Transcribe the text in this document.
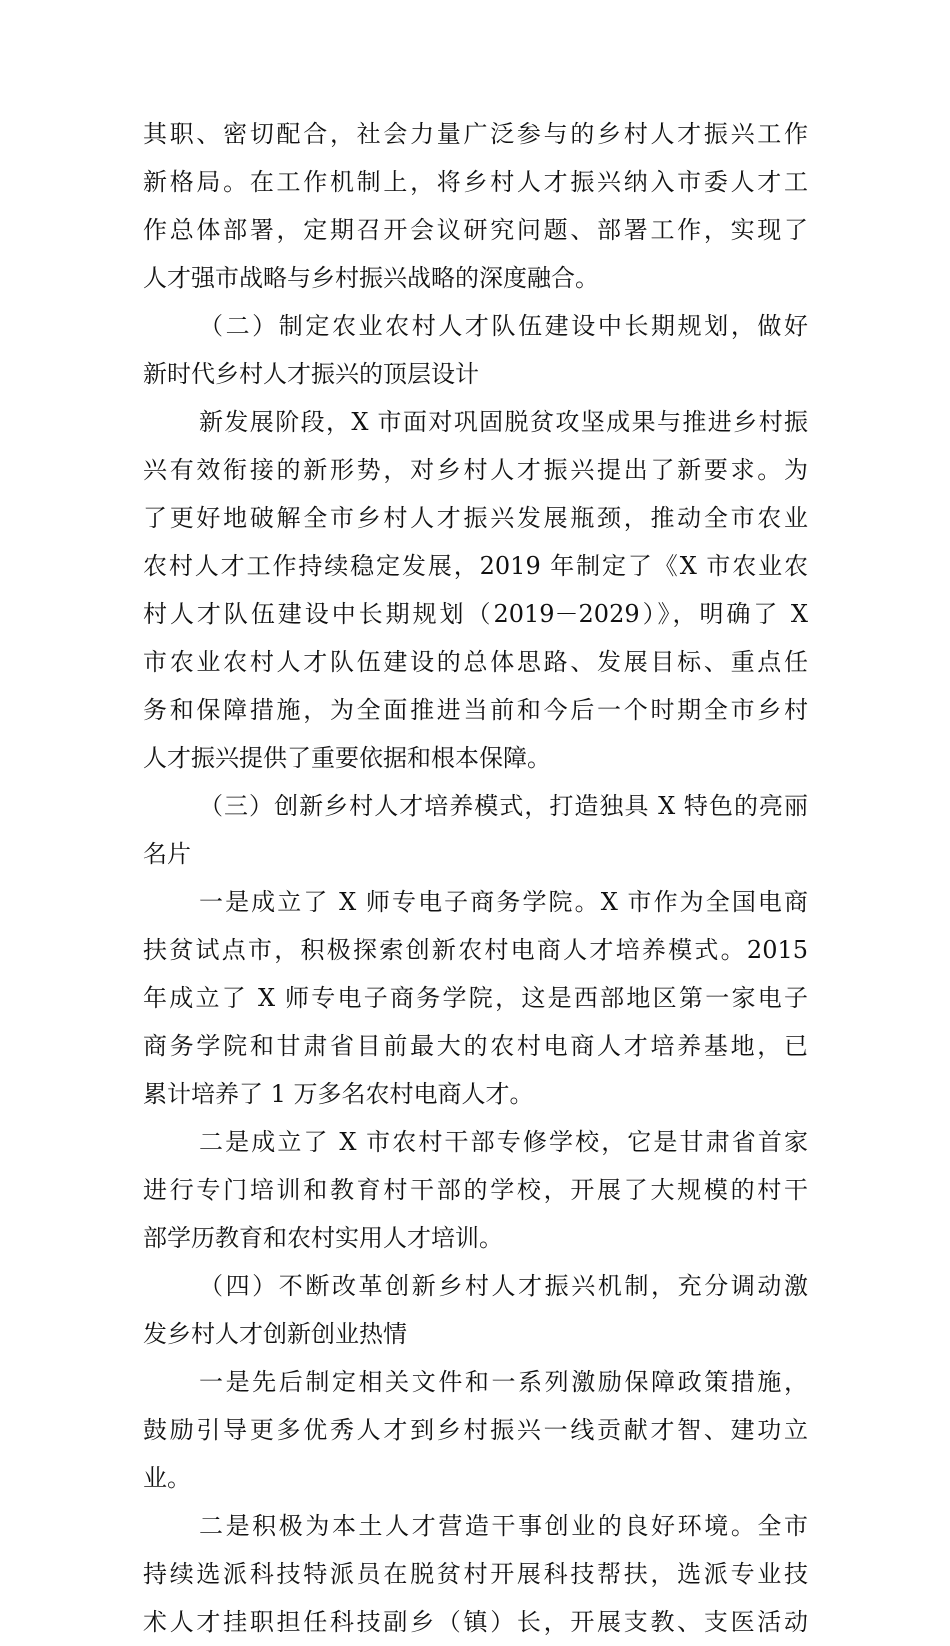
其职、密切配合，社会力量广泛参与的乡村人才振兴工作
新格局。在工作机制上，将乡村人才振兴纳入市委人才工
作总体部署，定期召开会议研究问题、部署工作，实现了
人才强市战略与乡村振兴战略的深度融合。
（二）制定农业农村人才队伍建设中长期规划，做好
新时代乡村人才振兴的顶层设计
新发展阶段，X 市面对巩固脱贫攻坚成果与推进乡村振
兴有效衔接的新形势，对乡村人才振兴提出了新要求。为
了更好地破解全市乡村人才振兴发展瓶颈，推动全市农业
农村人才工作持续稳定发展，2019 年制定了《X 市农业农
村人才队伍建设中长期规划（2019－2029）》，明确了 X
市农业农村人才队伍建设的总体思路、发展目标、重点任
务和保障措施，为全面推进当前和今后一个时期全市乡村
人才振兴提供了重要依据和根本保障。
（三）创新乡村人才培养模式，打造独具 X 特色的亮丽
名片
一是成立了 X 师专电子商务学院。X 市作为全国电商
扶贫试点市，积极探索创新农村电商人才培养模式。2015
年成立了 X 师专电子商务学院，这是西部地区第一家电子
商务学院和甘肃省目前最大的农村电商人才培养基地，已
累计培养了 1 万多名农村电商人才。
二是成立了 X 市农村干部专修学校，它是甘肃省首家
进行专门培训和教育村干部的学校，开展了大规模的村干
部学历教育和农村实用人才培训。
（四）不断改革创新乡村人才振兴机制，充分调动激
发乡村人才创新创业热情
一是先后制定相关文件和一系列激励保障政策措施，
鼓励引导更多优秀人才到乡村振兴一线贡献才智、建功立
业。
二是积极为本土人才营造干事创业的良好环境。全市
持续选派科技特派员在脱贫村开展科技帮扶，选派专业技
术人才挂职担任科技副乡（镇）长，开展支教、支医活动
